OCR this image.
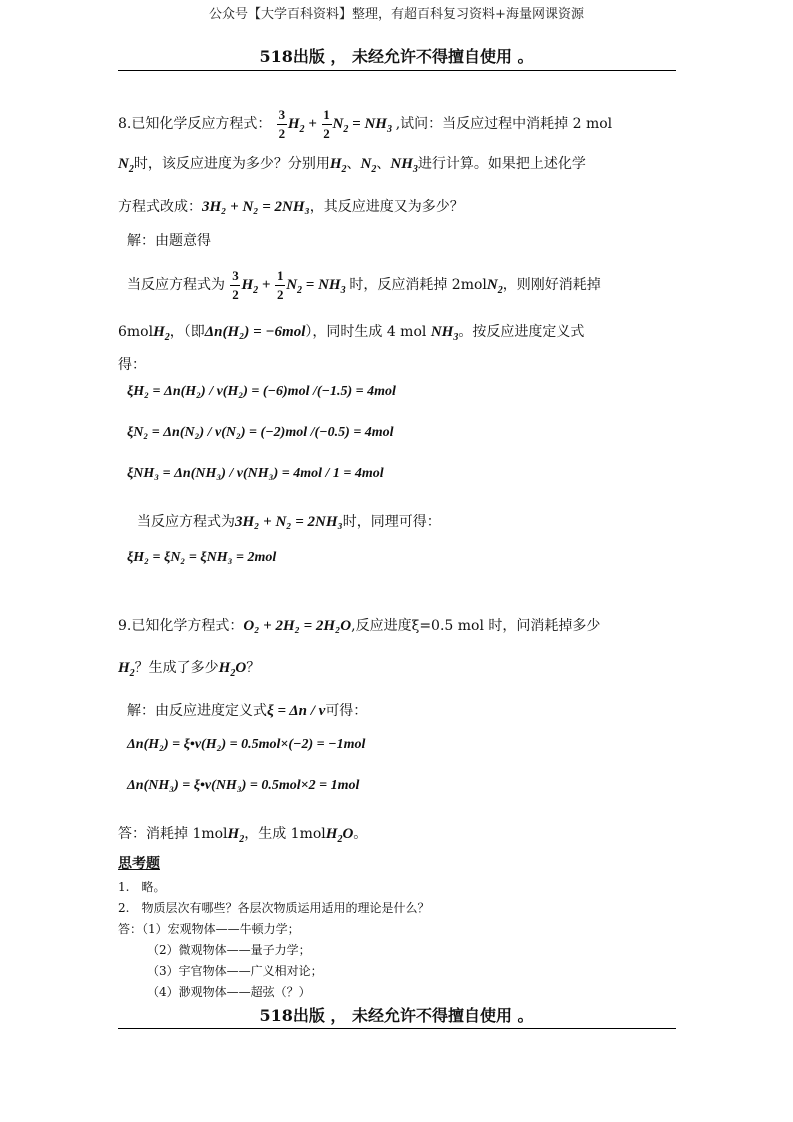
公众号【大学百科资料】整理，有超百科复习资料+海量网课资源
518出版 ， 未经允许不得擅自使用 。
8.已知化学反应方程式： $\frac{3}{2} H_2 + \frac{1}{2} N_2 = NH_3$ ,试问：当反应过程中消耗掉 2 mol
$N_2$时，该反应进度为多少？分别用$H_2$、$N_2$、$NH_3$进行计算。如果把上述化学
方程式改成：3H₂ + N₂ = 2NH₃，其反应进度又为多少？
解：由题意得
当反应方程式为 $\frac{3}{2} H_2 + \frac{1}{2} N_2 = NH_3$ 时，反应消耗掉 2molN$_2$，则刚好消耗掉
6molH$_2$，（即Δn(H₂) = −6mol），同时生成 4 mol $NH_3$。按反应进度定义式
得：
ξH₂ = Δn(H₂) / ν(H₂) = (−6)mol /(−1.5) = 4mol
ξN₂ = Δn(N₂) / ν(N₂) = (−2)mol /(−0.5) = 4mol
ξNH₃ = Δn(NH₃) / ν(NH₃) = 4mol / 1 = 4mol
当反应方程式为3H₂ + N₂ = 2NH₃时，同理可得：
ξH₂ = ξN₂ = ξNH₃ = 2mol
9.已知化学方程式：O₂ + 2H₂ = 2H₂O,反应进度ξ=0.5 mol 时，问消耗掉多少
$H_2$？生成了多少$H_2O$？
解：由反应进度定义式ξ = Δn / ν可得：
Δn(H₂) = ξ•ν(H₂) = 0.5mol×(−2) = −1mol
Δn(NH₃) = ξ•ν(NH₃) = 0.5mol×2 = 1mol
答：消耗掉 1molH$_2$，生成 1molH$_2$O。
思考题
1.　略。
2.　物质层次有哪些？各层次物质运用适用的理论是什么？
答：（1）宏观物体——牛顿力学；
（2）微观物体——量子力学；
（3）宇官物体——广义相对论；
（4）渺观物体——超弦（？）
518出版 ， 未经允许不得擅自使用 。
